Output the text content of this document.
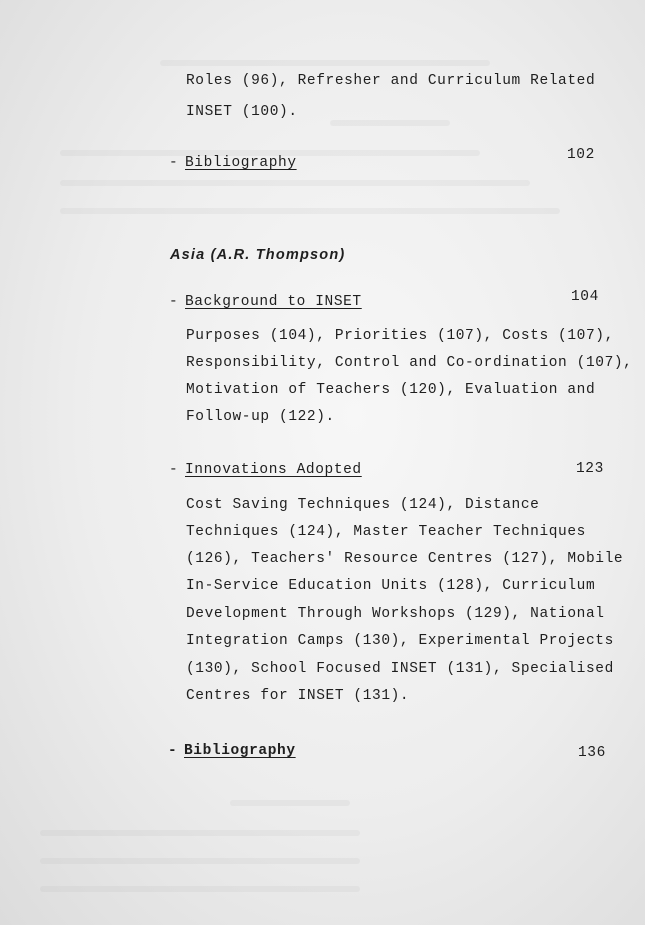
Roles (96), Refresher and Curriculum Related
INSET (100).
- Bibliography	102
Asia (A.R. Thompson)
- Background to INSET	104
Purposes (104), Priorities (107), Costs (107),
Responsibility, Control and Co-ordination (107),
Motivation of Teachers (120), Evaluation and
Follow-up (122).
- Innovations Adopted	123
Cost Saving Techniques (124), Distance
Techniques (124), Master Teacher Techniques
(126), Teachers' Resource Centres (127), Mobile
In-Service Education Units (128), Curriculum
Development Through Workshops (129), National
Integration Camps (130), Experimental Projects
(130), School Focused INSET (131), Specialised
Centres for INSET (131).
- Bibliography	136
